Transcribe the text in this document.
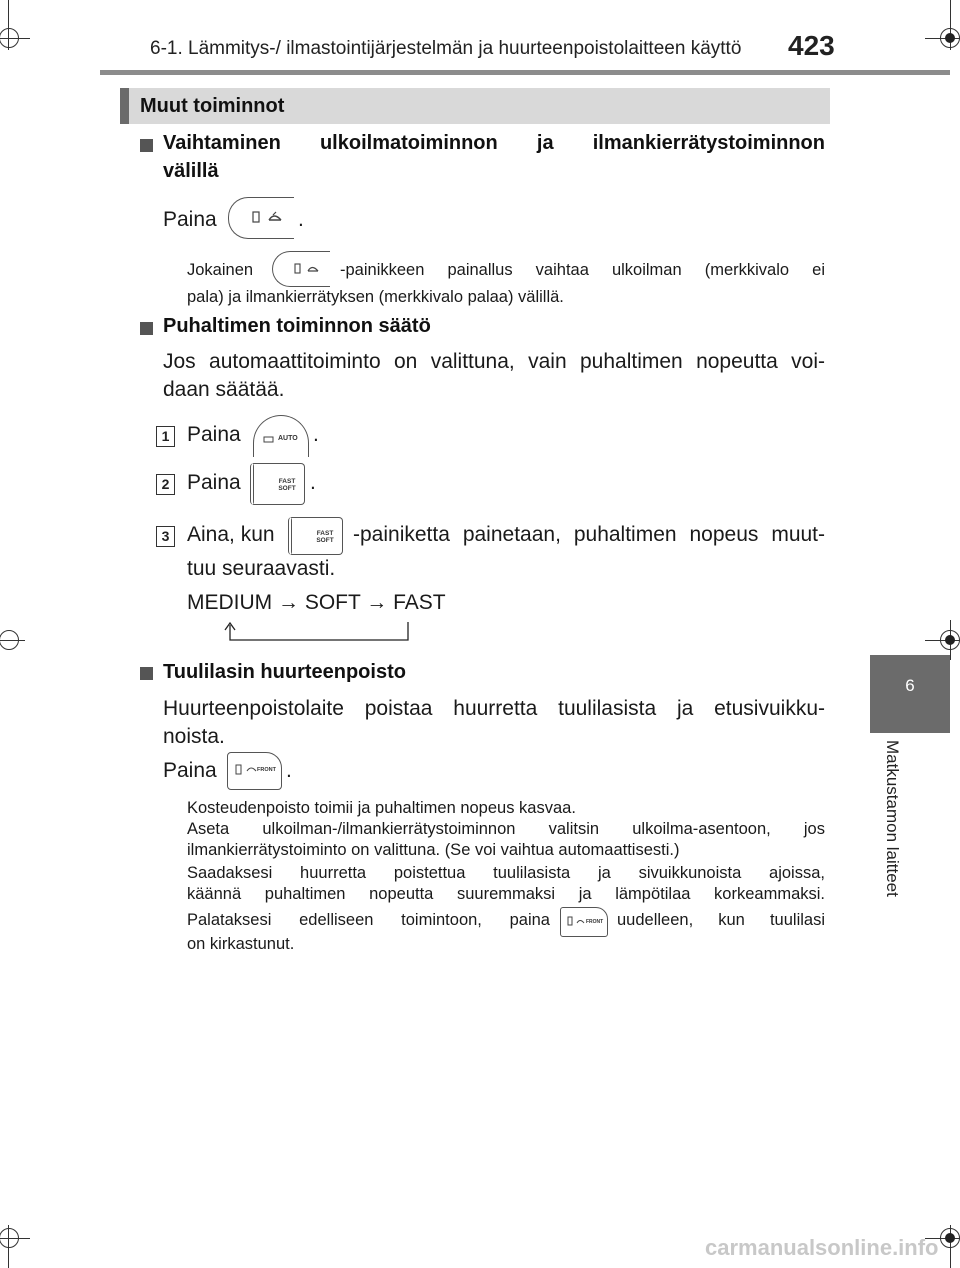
6-1. Lämmitys-/ ilmastointijärjestelmän ja huurteenpoistolaitteen käyttö 423
6
Matkustamon laitteet
Muut toiminnot
Vaihtaminen ulkoilmatoiminnon ja ilmankierrätystoiminnon
välillä
Paina	.
Jokainen	-painikkeen painallus vaihtaa ulkoilman (merkkivalo ei
pala) ja ilmankierrätyksen (merkkivalo palaa) välillä.
Puhaltimen toiminnon säätö
Jos automaattitoiminto on valittuna, vain puhaltimen nopeutta voi-
daan säätää.
1 Paina	AUTO .
2 Paina	FAST
SOFT .
3 Aina, kun	FAST
SOFT -painiketta painetaan, puhaltimen nopeus muut-
tuu seuraavasti.
MEDIUM → SOFT → FAST
Tuulilasin huurteenpoisto
Huurteenpoistolaite poistaa huurretta tuulilasista ja etusivuikku-
noista.
Paina	FRONT .
Kosteudenpoisto toimii ja puhaltimen nopeus kasvaa.
Aseta ulkoilman-/ilmankierrätystoiminnon valitsin ulkoilma-asentoon, jos
ilmankierrätystoiminto on valittuna. (Se voi vaihtua automaattisesti.)
Saadaksesi huurretta poistettua tuulilasista ja sivuikkunoista ajoissa,
käännä puhaltimen nopeutta suuremmaksi ja lämpötilaa korkeammaksi.
Palataksesi edelliseen toimintoon, paina	FRONT uudelleen, kun tuulilasi
on kirkastunut.
carmanualsonline.info
